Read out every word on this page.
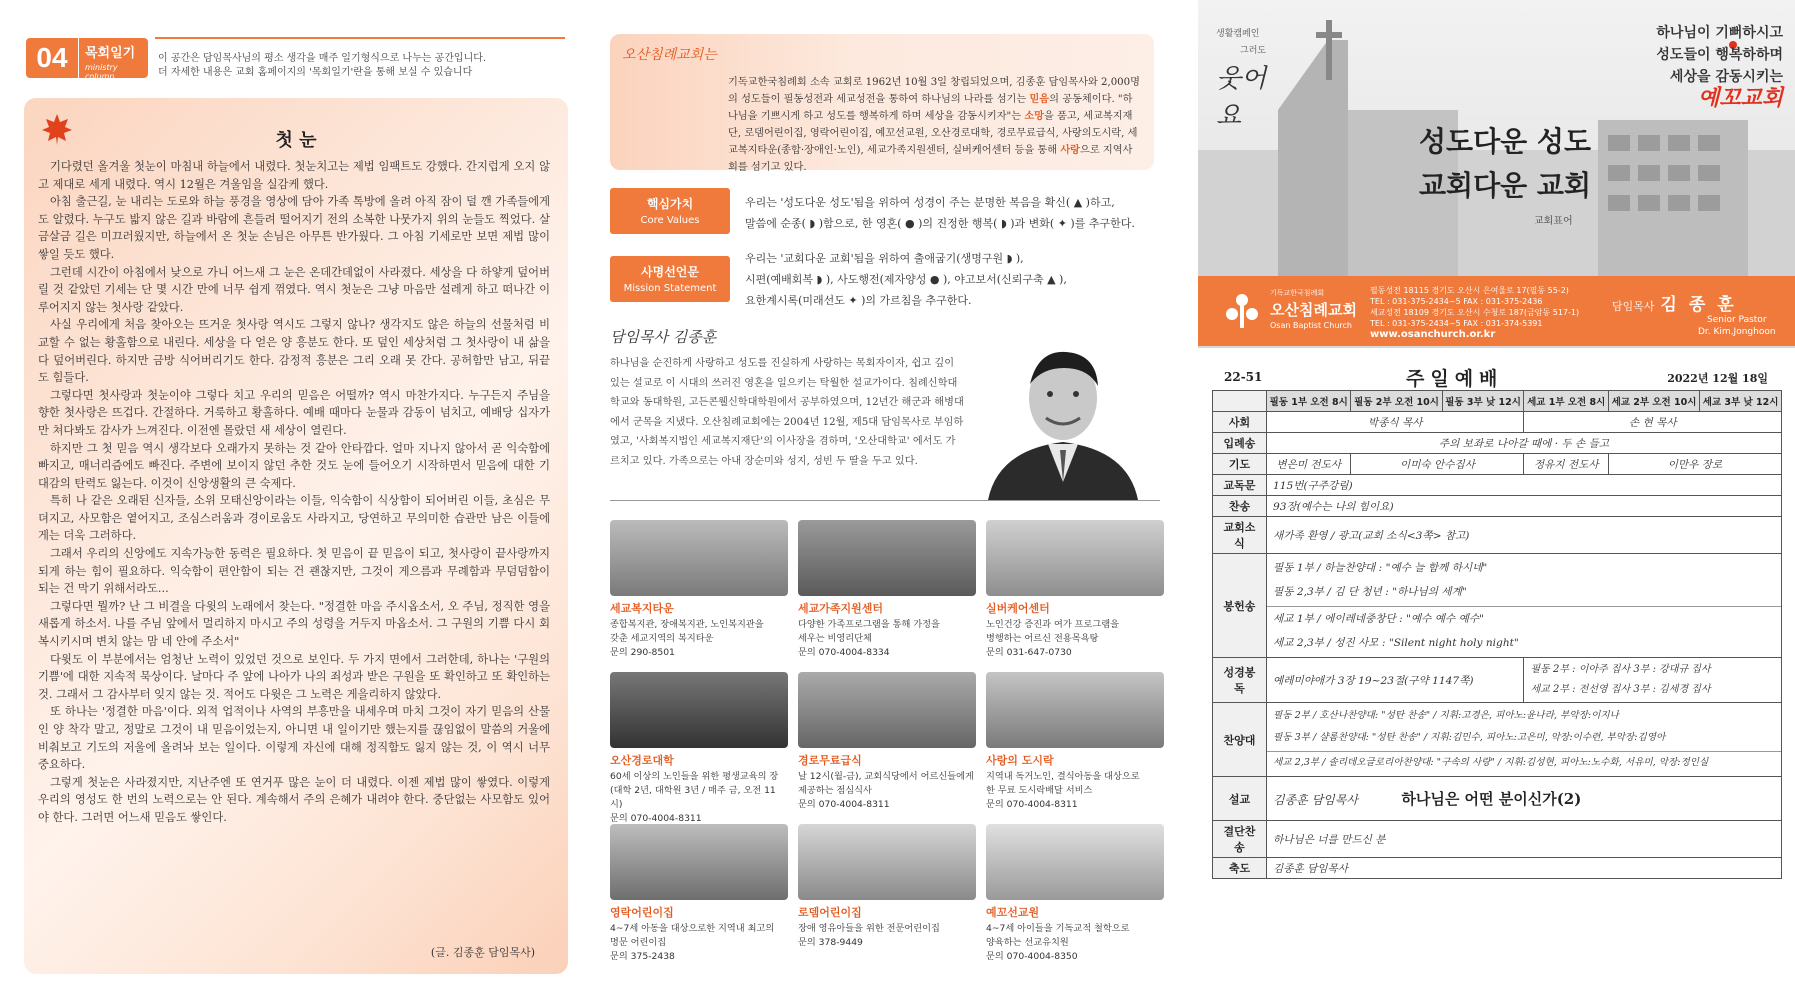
04	목회일기
ministry column
이 공간은 담임목사님의 평소 생각을 매주 일기형식으로 나누는 공간입니다.
더 자세한 내용은 교회 홈페이지의 '목회일기'란을 통해 보실 수 있습니다
첫 눈

기다렸던 올겨울 첫눈이 마침내 하늘에서 내렸다. 첫눈치고는 제법 임팩트도 강했다. 간지럽게 오지 않고 제대로 세게 내렸다. 역시 12월은 겨울임을 실감케 했다.

아침 출근길, 눈 내리는 도로와 하늘 풍경을 영상에 담아 가족 톡방에 올려 아직 잠이 덜 깬 가족들에게도 알렸다. 누구도 밟지 않은 길과 바람에 흔들려 떨어지기 전의 소복한 나뭇가지 위의 눈들도 찍었다. 살금살금 길은 미끄러웠지만, 하늘에서 온 첫눈 손님은 아무튼 반가웠다. 그 아침 기세로만 보면 제법 많이 쌓일 듯도 했다.

그런데 시간이 아침에서 낮으로 가니 어느새 그 눈은 온데간데없이 사라졌다. 세상을 다 하얗게 덮어버릴 것 같았던 기세는 단 몇 시간 만에 너무 쉽게 꺾였다. 역시 첫눈은 그냥 마음만 설레게 하고 떠나간 이루어지지 않는 첫사랑 같았다.

사실 우리에게 처음 찾아오는 뜨거운 첫사랑 역시도 그렇지 않나? 생각지도 않은 하늘의 선물처럼 비교할 수 없는 황홀함으로 내린다. 세상을 다 얻은 양 흥분도 한다. 또 덮인 세상처럼 그 첫사랑이 내 삶을 다 덮어버린다. 하지만 금방 식어버리기도 한다. 감정적 흥분은 그리 오래 못 간다. 공허함만 남고, 뒤끝도 힘들다.

그렇다면 첫사랑과 첫눈이야 그렇다 치고 우리의 믿음은 어떨까? 역시 마찬가지다. 누구든지 주님을 향한 첫사랑은 뜨겁다. 간절하다. 거룩하고 황홀하다. 예배 때마다 눈물과 감동이 넘치고, 예배당 십자가만 쳐다봐도 감사가 느껴진다. 이전엔 몰랐던 새 세상이 열린다.

하지만 그 첫 믿음 역시 생각보다 오래가지 못하는 것 같아 안타깝다. 얼마 지나지 않아서 곧 익숙함에 빠지고, 매너리즘에도 빠진다. 주변에 보이지 않던 추한 것도 눈에 들어오기 시작하면서 믿음에 대한 기대감의 탄력도 잃는다. 이것이 신앙생활의 큰 숙제다.

특히 나 같은 오래된 신자들, 소위 모태신앙이라는 이들, 익숙함이 식상함이 되어버린 이들, 초심은 무뎌지고, 사모함은 옅어지고, 조심스러움과 경이로움도 사라지고, 당연하고 무의미한 습관만 남은 이들에게는 더욱 그러하다.

그래서 우리의 신앙에도 지속가능한 동력은 필요하다. 첫 믿음이 끝 믿음이 되고, 첫사랑이 끝사랑까지 되게 하는 힘이 필요하다. 익숙함이 편안함이 되는 건 괜찮지만, 그것이 게으름과 무례함과 무덤덤함이 되는 건 막기 위해서라도...

그렇다면 뭘까? 난 그 비결을 다윗의 노래에서 찾는다. "정결한 마음 주시옵소서, 오 주님, 정직한 영을 새롭게 하소서. 나를 주님 앞에서 멀리하지 마시고 주의 성령을 거두지 마옵소서. 그 구원의 기쁨 다시 회복시키시며 변치 않는 맘 네 안에 주소서"

다윗도 이 부분에서는 엄청난 노력이 있었던 것으로 보인다. 두 가지 면에서 그러한데, 하나는 '구원의 기쁨'에 대한 지속적 묵상이다. 날마다 주 앞에 나아가 나의 죄성과 받은 구원을 또 확인하고 또 확인하는 것. 그래서 그 감사부터 잊지 않는 것. 적어도 다윗은 그 노력은 게을리하지 않았다.

또 하나는 '정결한 마음'이다. 외적 업적이나 사역의 부흥만을 내세우며 마치 그것이 자기 믿음의 산물인 양 착각 말고, 정말로 그것이 내 믿음이었는지, 아니면 내 일이기만 했는지를 끊임없이 말씀의 거울에 비춰보고 기도의 저울에 올려놔 보는 일이다. 이렇게 자신에 대해 정직함도 잃지 않는 것, 이 역시 너무 중요하다.

그렇게 첫눈은 사라졌지만, 지난주엔 또 연거푸 많은 눈이 더 내렸다. 이젠 제법 많이 쌓였다. 이렇게 우리의 영성도 한 번의 노력으로는 안 된다. 계속해서 주의 은혜가 내려야 한다. 중단없는 사모함도 있어야 한다. 그러면 어느새 믿음도 쌓인다.

(글. 김종훈 담임목사)
오산침례교회는
기독교한국침례회 소속 교회로 1962년 10월 3일 창립되었으며, 김종훈 담임목사와 2,000명의 성도들이 필동성전과 세교성전을 통하여 하나님의 나라를 섬기는 믿음의 공동체이다. "하나님을 기쁘시게 하고 성도를 행복하게 하며 세상을 감동시키자"는 소망을 품고, 세교복지재단, 로뎀어린이집, 영락어린이집, 예꼬선교원, 오산경로대학, 경로무료급식, 사랑의도시락, 세교복지타운(종합·장애인·노인), 세교가족지원센터, 실버케어센터 등을 통해 사랑으로 지역사회를 섬기고 있다.
핵심가치
Core Values
우리는 '성도다운 성도'됨을 위하여 성경이 주는 분명한 복음을 확신( ▲ )하고,
말씀에 순종( ◗ )함으로, 한 영혼( ● )의 진정한 행복( ◗ )과 변화( ✦ )를 추구한다.
사명선언문
Mission Statement
우리는 '교회다운 교회'됨을 위하여 출애굽기(생명구원 ◗ ),
시편(예배회복 ◗ ), 사도행전(제자양성 ● ), 야고보서(신뢰구축 ▲ ),
요한계시록(미래선도 ✦ )의 가르침을 추구한다.
담임목사 김종훈
하나님을 순진하게 사랑하고 성도를 진실하게 사랑하는 목회자이자, 쉽고 깊이 있는 설교로 이 시대의 쓰러진 영혼을 일으키는 탁월한 설교가이다. 침례신학대학교와 동대학원, 고든콘웰신학대학원에서 공부하였으며, 12년간 해군과 해병대에서 군목을 지냈다. 오산침례교회에는 2004년 12월, 제5대 담임목사로 부임하였고, '사회복지법인 세교복지재단'의 이사장을 겸하며, '오산대학교' 에서도 가르치고 있다. 가족으로는 아내 장순미와 성지, 성빈 두 딸을 두고 있다.
세교복지타운
종합복지관, 장애복지관, 노인복지관을
갖춘 세교지역의 복지타운
문의 290-8501
세교가족지원센터
다양한 가족프로그램을 통해 가정을
세우는 비영리단체
문의 070-4004-8334
실버케어센터
노인건강 증진과 여가 프로그램을
병행하는 어르신 전용목욕탕
문의 031-647-0730
오산경로대학
60세 이상의 노인들을 위한 평생교육의 장
(대학 2년, 대학원 3년 / 매주 금, 오전 11시)
문의 070-4004-8311
경로무료급식
날 12시(월-금), 교회식당에서 어르신들에게
제공하는 점심식사
문의 070-4004-8311
사랑의 도시락
지역내 독거노인, 결식아동을 대상으로
한 무료 도시락배달 서비스
문의 070-4004-8311
영락어린이집
4~7세 아동을 대상으로한 지역내 최고의
명문 어린이집
문의 375-2438
로뎀어린이집
장애 영유아들을 위한 전문어린이집
문의 378-9449
예꼬선교원
4~7세 아이들을 기독교적 철학으로
양육하는 선교유치원
문의 070-4004-8350
생활캠페인
그러도
웃어요
성도다운 성도
교회다운 교회
교회표어
하나님이 기뻐하시고
성도들이 행복하하며
세상을 감동시키는
예꼬교회
기독교한국침례회
오산침례교회
Osan Baptist Church
필동성전 18115 경기도 오산시 은여울로 17(필동 55-2)
TEL : 031-375-2434~5 FAX : 031-375-2436
세교성전 18109 경기도 오산시 수청로 187(금암동 517-1)
TEL : 031-375-2434~5 FAX : 031-374-5391
www.osanchurch.or.kr
담임목사 김 종 훈
Senior Pastor
Dr. Kim,Jonghoon
22-51	주일예배	2022년 12월 18일
	필동 1부 오전 8시	필동 2부 오전 10시	필동 3부 낮 12시	세교 1부 오전 8시	세교 2부 오전 10시	세교 3부 낮 12시
사회	박종식 목사			손 현 목사		
입례송	주의 보좌로 나아갈 때에 · 두 손 들고					
기도	변은미 전도사	이미숙 안수집사		정유지 전도사	이만우 장로	
교독문	115번(구주강림)					
찬송	93장(예수는 나의 힘이요)					
교회소식	새가족 환영 / 광고(교회 소식<3쪽> 참고)					
봉헌송	필동 1부 / 하늘찬양대 : "예수 늘 함께 하시네"
필동 2,3부 / 김 단 청년 : "하나님의 세계"
세교 1부 / 에이레네중창단 : "예수 예수 예수"
세교 2,3부 / 성진 사모 : "Silent night holy night"					

성경봉독	예레미야애가 3장 19~23절(구약 1147쪽)			필동 2부 : 이아주 집사 3부 : 강대규 집사
세교 2부 : 전선영 집사 3부 : 김세경 집사		

찬양대	필동 2부 / 호산나찬양대: "성탄 찬송" / 지휘:고경은, 피아노:윤나라, 부악장:이지나
필동 3부 / 샬롬찬양대: "성탄 찬송" / 지휘:김민수, 피아노:고은미, 악장:이수련, 부악장:김영아
세교 2,3부 / 솔리데오글로리아찬양대: "구속의 사랑" / 지휘:김성현, 피아노:노수화, 서유미, 악장:정인실					

설교	김종훈 담임목사 하나님은 어떤 분이신가(2)					
결단찬송	하나님은 너를 만드신 분					
축도	김종훈 담임목사					
